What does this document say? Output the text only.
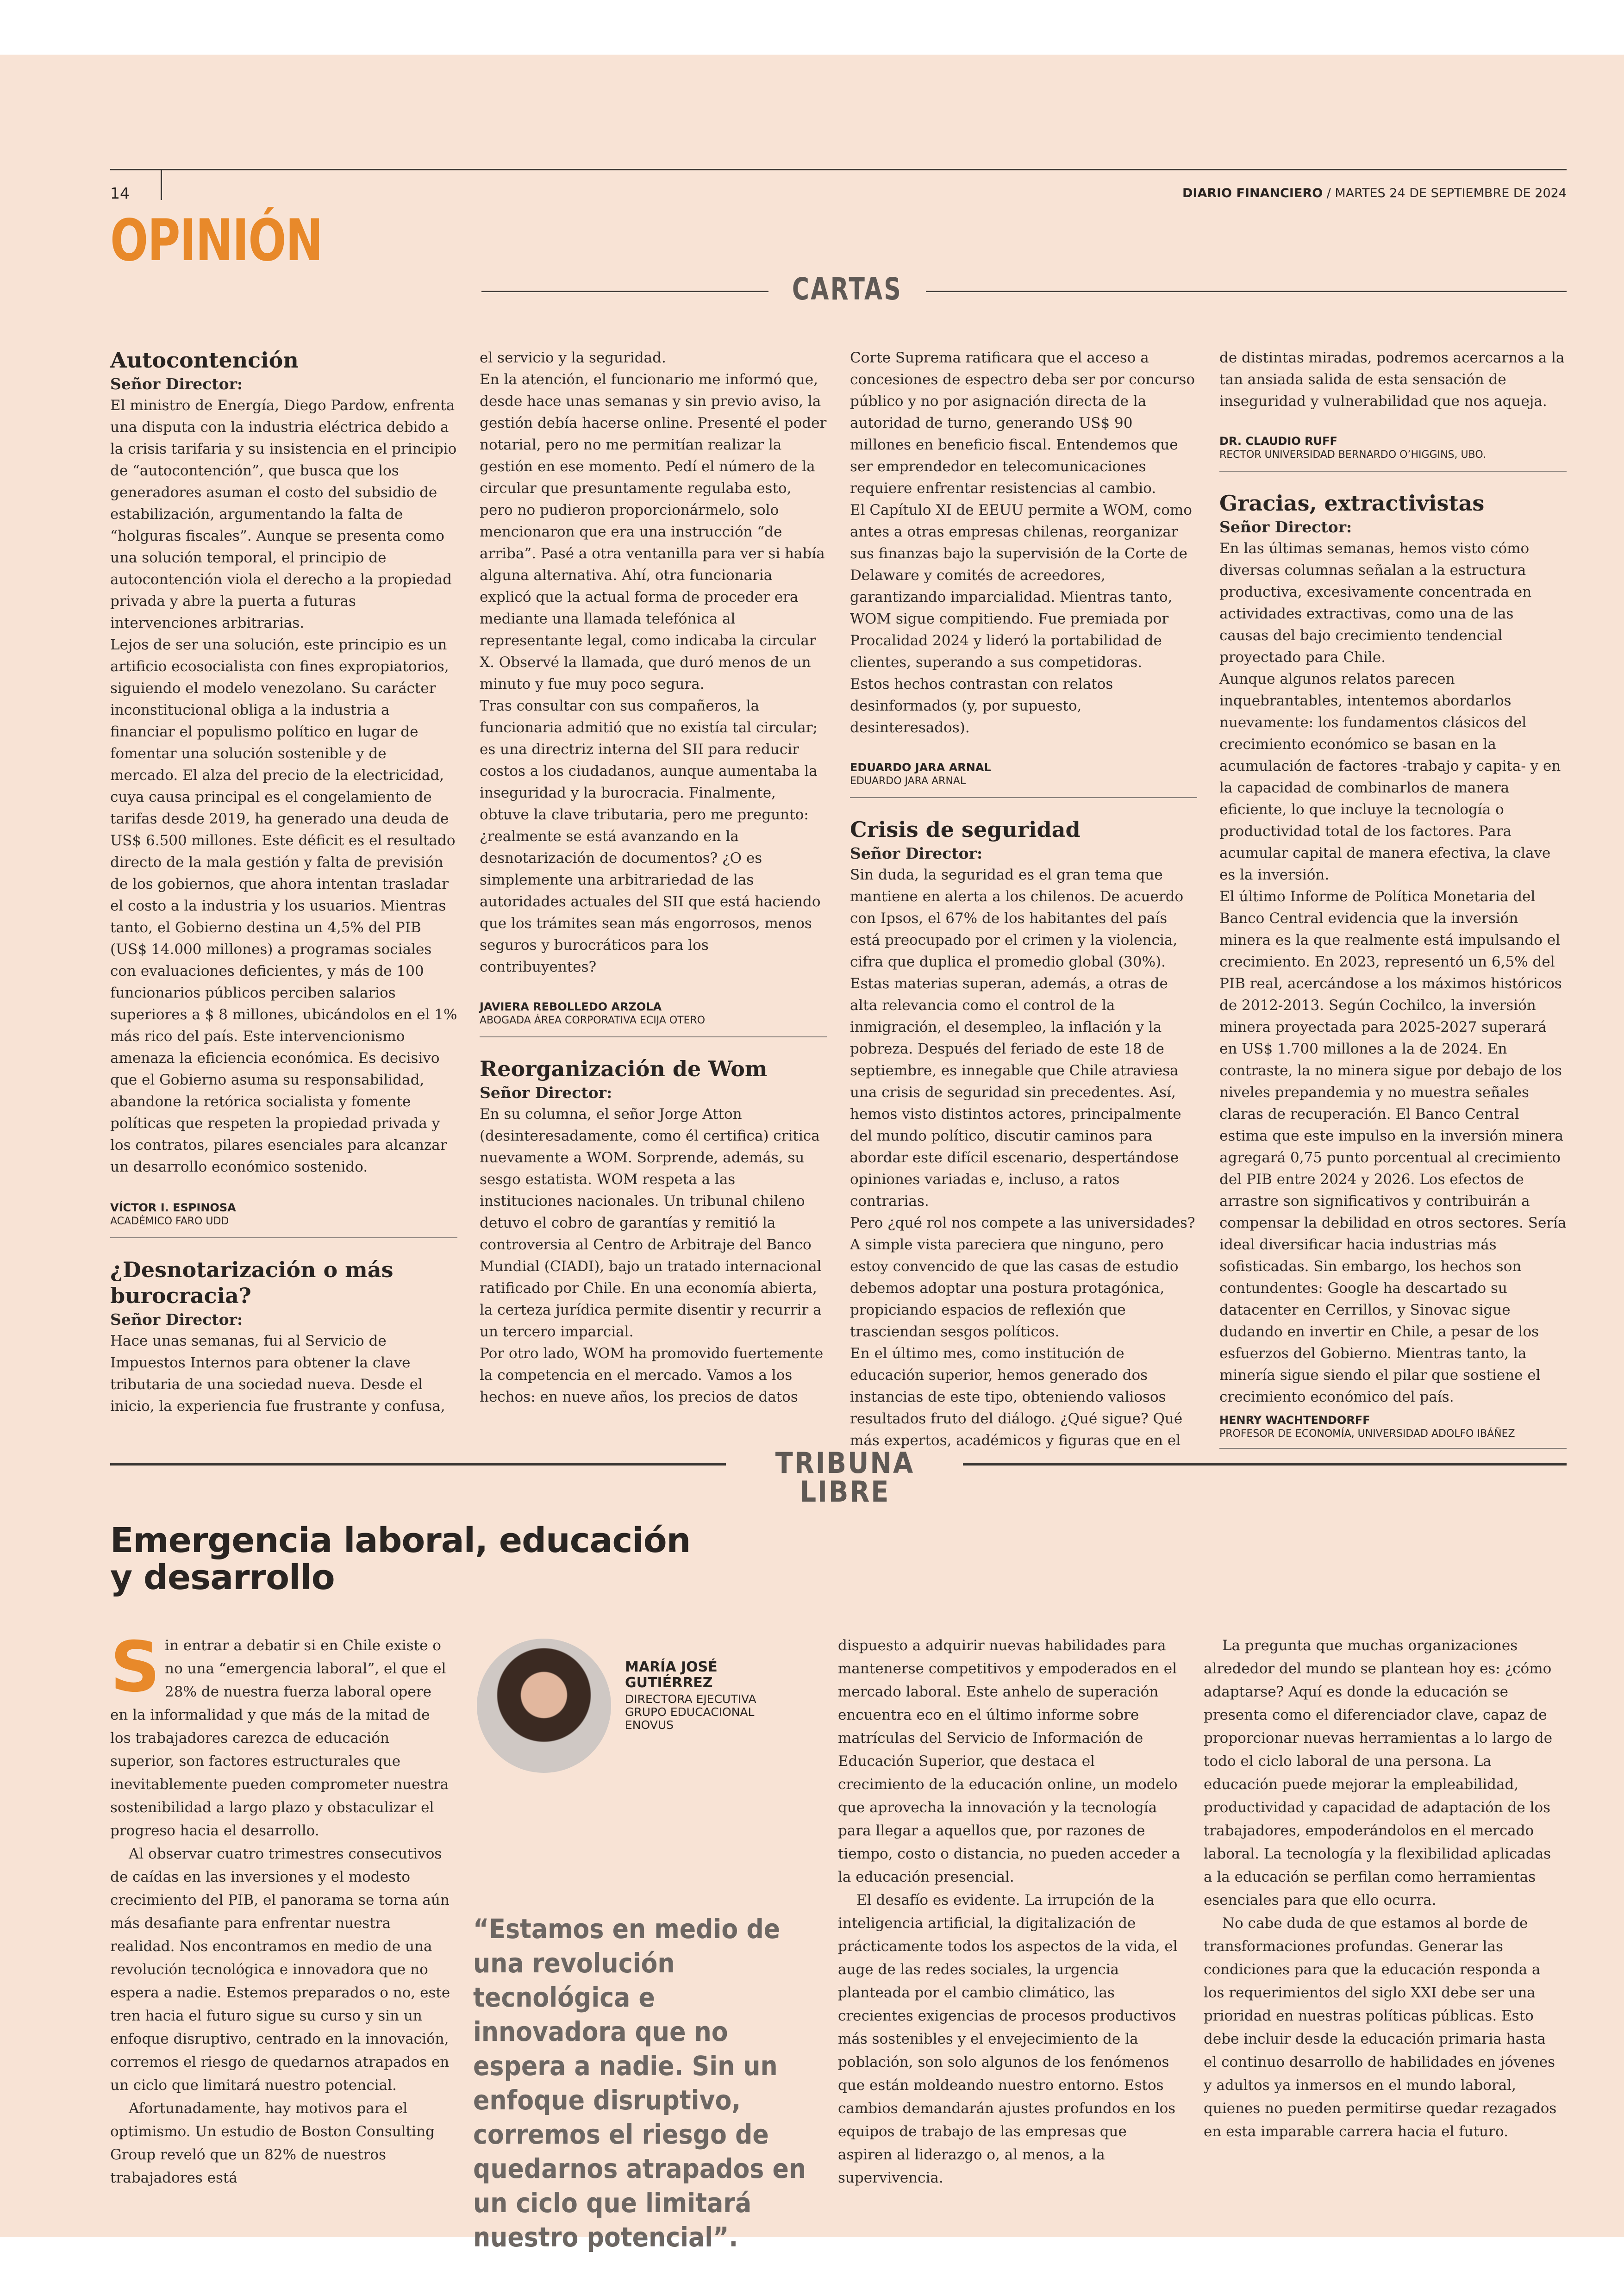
14	DIARIO FINANCIERO / MARTES 24 DE SEPTIEMBRE DE 2024
OPINIÓN
CARTAS

Autocontención

Señor Director:

El ministro de Energía, Diego Pardow, enfrenta una disputa con la industria eléctrica debido a la crisis tarifaria y su insistencia en el principio de “autocontención”, que busca que los generadores asuman el costo del subsidio de estabilización, argumentando la falta de “holguras fiscales”. Aunque se presenta como una solución temporal, el principio de autocontención viola el derecho a la propiedad privada y abre la puerta a futuras intervenciones arbitrarias.

Lejos de ser una solución, este principio es un artificio ecosocialista con fines expropiatorios, siguiendo el modelo venezolano. Su carácter inconstitucional obliga a la industria a financiar el populismo político en lugar de fomentar una solución sostenible y de mercado. El alza del precio de la electricidad, cuya causa principal es el congelamiento de tarifas desde 2019, ha generado una deuda de US$ 6.500 millones. Este déficit es el resultado directo de la mala gestión y falta de previsión de los gobiernos, que ahora intentan trasladar el costo a la industria y los usuarios. Mientras tanto, el Gobierno destina un 4,5% del PIB (US$ 14.000 millones) a programas sociales con evaluaciones deficientes, y más de 100 funcionarios públicos perciben salarios superiores a $ 8 millones, ubicándolos en el 1% más rico del país. Este intervencionismo amenaza la eficiencia económica. Es decisivo que el Gobierno asuma su responsabilidad, abandone la retórica socialista y fomente políticas que respeten la propiedad privada y los contratos, pilares esenciales para alcanzar un desarrollo económico sostenido.

VÍCTOR I. ESPINOSA

ACADÉMICO FARO UDD

¿Desnotarización o más burocracia?

Señor Director:

Hace unas semanas, fui al Servicio de Impuestos Internos para obtener la clave tributaria de una sociedad nueva. Desde el inicio, la experiencia fue frustrante y confusa,

el servicio y la seguridad.

En la atención, el funcionario me informó que, desde hace unas semanas y sin previo aviso, la gestión debía hacerse online. Presenté el poder notarial, pero no me permitían realizar la gestión en ese momento. Pedí el número de la circular que presuntamente regulaba esto, pero no pudieron proporcionármelo, solo mencionaron que era una instrucción “de arriba”. Pasé a otra ventanilla para ver si había alguna alternativa. Ahí, otra funcionaria explicó que la actual forma de proceder era mediante una llamada telefónica al representante legal, como indicaba la circular X. Observé la llamada, que duró menos de un minuto y fue muy poco segura.

Tras consultar con sus compañeros, la funcionaria admitió que no existía tal circular; es una directriz interna del SII para reducir costos a los ciudadanos, aunque aumentaba la inseguridad y la burocracia. Finalmente, obtuve la clave tributaria, pero me pregunto: ¿realmente se está avanzando en la desnotarización de documentos? ¿O es simplemente una arbitrariedad de las autoridades actuales del SII que está haciendo que los trámites sean más engorrosos, menos seguros y burocráticos para los contribuyentes?

JAVIERA REBOLLEDO ARZOLA

ABOGADA ÁREA CORPORATIVA ECIJA OTERO

Reorganización de Wom

Señor Director:

En su columna, el señor Jorge Atton (desinteresadamente, como él certifica) critica nuevamente a WOM. Sorprende, además, su sesgo estatista. WOM respeta a las instituciones nacionales. Un tribunal chileno detuvo el cobro de garantías y remitió la controversia al Centro de Arbitraje del Banco Mundial (CIADI), bajo un tratado internacional ratificado por Chile. En una economía abierta, la certeza jurídica permite disentir y recurrir a un tercero imparcial.

Por otro lado, WOM ha promovido fuertemente la competencia en el mercado. Vamos a los hechos: en nueve años, los precios de datos

Corte Suprema ratificara que el acceso a concesiones de espectro deba ser por concurso público y no por asignación directa de la autoridad de turno, generando US$ 90 millones en beneficio fiscal. Entendemos que ser emprendedor en telecomunicaciones requiere enfrentar resistencias al cambio.

El Capítulo XI de EEUU permite a WOM, como antes a otras empresas chilenas, reorganizar sus finanzas bajo la supervisión de la Corte de Delaware y comités de acreedores, garantizando imparcialidad. Mientras tanto, WOM sigue compitiendo. Fue premiada por Procalidad 2024 y lideró la portabilidad de clientes, superando a sus competidoras.

Estos hechos contrastan con relatos desinformados (y, por supuesto, desinteresados).

EDUARDO JARA ARNAL

EDUARDO JARA ARNAL

Crisis de seguridad

Señor Director:

Sin duda, la seguridad es el gran tema que mantiene en alerta a los chilenos. De acuerdo con Ipsos, el 67% de los habitantes del país está preocupado por el crimen y la violencia, cifra que duplica el promedio global (30%). Estas materias superan, además, a otras de alta relevancia como el control de la inmigración, el desempleo, la inflación y la pobreza. Después del feriado de este 18 de septiembre, es innegable que Chile atraviesa una crisis de seguridad sin precedentes. Así, hemos visto distintos actores, principalmente del mundo político, discutir caminos para abordar este difícil escenario, despertándose opiniones variadas e, incluso, a ratos contrarias.

Pero ¿qué rol nos compete a las universidades? A simple vista pareciera que ninguno, pero estoy convencido de que las casas de estudio debemos adoptar una postura protagónica, propiciando espacios de reflexión que trasciendan sesgos políticos.

En el último mes, como institución de educación superior, hemos generado dos instancias de este tipo, obteniendo valiosos resultados fruto del diálogo. ¿Qué sigue? Qué más expertos, académicos y figuras que en el

de distintas miradas, podremos acercarnos a la tan ansiada salida de esta sensación de inseguridad y vulnerabilidad que nos aqueja.

DR. CLAUDIO RUFF

RECTOR UNIVERSIDAD BERNARDO O’HIGGINS, UBO.

Gracias, extractivistas

Señor Director:

En las últimas semanas, hemos visto cómo diversas columnas señalan a la estructura productiva, excesivamente concentrada en actividades extractivas, como una de las causas del bajo crecimiento tendencial proyectado para Chile.

Aunque algunos relatos parecen inquebrantables, intentemos abordarlos nuevamente: los fundamentos clásicos del crecimiento económico se basan en la acumulación de factores -trabajo y capita- y en la capacidad de combinarlos de manera eficiente, lo que incluye la tecnología o productividad total de los factores. Para acumular capital de manera efectiva, la clave es la inversión.

El último Informe de Política Monetaria del Banco Central evidencia que la inversión minera es la que realmente está impulsando el crecimiento. En 2023, representó un 6,5% del PIB real, acercándose a los máximos históricos de 2012-2013. Según Cochilco, la inversión minera proyectada para 2025-2027 superará en US$ 1.700 millones a la de 2024. En contraste, la no minera sigue por debajo de los niveles prepandemia y no muestra señales claras de recuperación. El Banco Central estima que este impulso en la inversión minera agregará 0,75 punto porcentual al crecimiento del PIB entre 2024 y 2026. Los efectos de arrastre son significativos y contribuirán a compensar la debilidad en otros sectores. Sería ideal diversificar hacia industrias más sofisticadas. Sin embargo, los hechos son contundentes: Google ha descartado su datacenter en Cerrillos, y Sinovac sigue dudando en invertir en Chile, a pesar de los esfuerzos del Gobierno. Mientras tanto, la minería sigue siendo el pilar que sostiene el crecimiento económico del país.

HENRY WACHTENDORFF

PROFESOR DE ECONOMÍA, UNIVERSIDAD ADOLFO IBÁÑEZ

TRIBUNA LIBRE
Emergencia laboral, educación y desarrollo
S in entrar a debatir si en Chile existe o no una “emergencia laboral”, el que el 28% de nuestra fuerza laboral opere en la informalidad y que más de la mitad de los trabajadores carezca de educación superior, son factores estructurales que inevitablemente pueden comprometer nuestra sostenibilidad a largo plazo y obstaculizar el progreso hacia el desarrollo.

Al observar cuatro trimestres consecutivos de caídas en las inversiones y el modesto crecimiento del PIB, el panorama se torna aún más desafiante para enfrentar nuestra realidad. Nos encontramos en medio de una revolución tecnológica e innovadora que no espera a nadie. Estemos preparados o no, este tren hacia el futuro sigue su curso y sin un enfoque disruptivo, centrado en la innovación, corremos el riesgo de quedarnos atrapados en un ciclo que limitará nuestro potencial.

Afortunadamente, hay motivos para el optimismo. Un estudio de Boston Consulting Group reveló que un 82% de nuestros trabajadores está

MARÍA JOSÉ

GUTIÉRREZ

DIRECTORA EJECUTIVA

GRUPO EDUCACIONAL

ENOVUS

“Estamos en medio de una revolución tecnológica e innovadora que no espera a nadie. Sin un enfoque disruptivo, corremos el riesgo de quedarnos atrapados en un ciclo que limitará nuestro potencial”.

dispuesto a adquirir nuevas habilidades para mantenerse competitivos y empoderados en el mercado laboral. Este anhelo de superación encuentra eco en el último informe sobre matrículas del Servicio de Información de Educación Superior, que destaca el crecimiento de la educación online, un modelo que aprovecha la innovación y la tecnología para llegar a aquellos que, por razones de tiempo, costo o distancia, no pueden acceder a la educación presencial.

El desafío es evidente. La irrupción de la inteligencia artificial, la digitalización de prácticamente todos los aspectos de la vida, el auge de las redes sociales, la urgencia planteada por el cambio climático, las crecientes exigencias de procesos productivos más sostenibles y el envejecimiento de la población, son solo algunos de los fenómenos que están moldeando nuestro entorno. Estos cambios demandarán ajustes profundos en los equipos de trabajo de las empresas que aspiren al liderazgo o, al menos, a la supervivencia.

La pregunta que muchas organizaciones alrededor del mundo se plantean hoy es: ¿cómo adaptarse? Aquí es donde la educación se presenta como el diferenciador clave, capaz de proporcionar nuevas herramientas a lo largo de todo el ciclo laboral de una persona. La educación puede mejorar la empleabilidad, productividad y capacidad de adaptación de los trabajadores, empoderándolos en el mercado laboral. La tecnología y la flexibilidad aplicadas a la educación se perfilan como herramientas esenciales para que ello ocurra.

No cabe duda de que estamos al borde de transformaciones profundas. Generar las condiciones para que la educación responda a los requerimientos del siglo XXI debe ser una prioridad en nuestras políticas públicas. Esto debe incluir desde la educación primaria hasta el continuo desarrollo de habilidades en jóvenes y adultos ya inmersos en el mundo laboral, quienes no pueden permitirse quedar rezagados en esta imparable carrera hacia el futuro.
